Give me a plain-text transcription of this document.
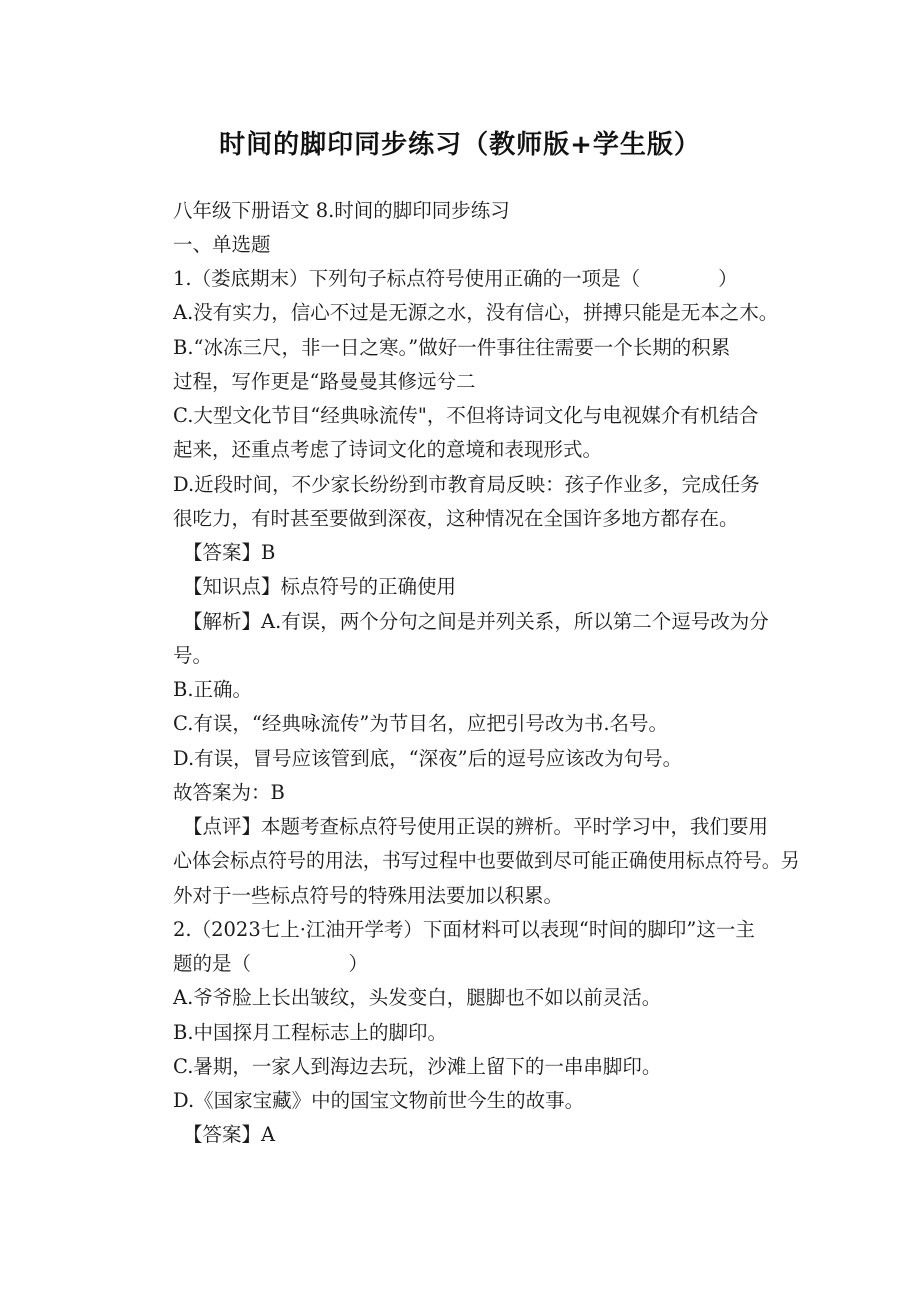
时间的脚印同步练习（教师版+学生版）
八年级下册语文 8.时间的脚印同步练习
一、单选题
1.（娄底期末）下列句子标点符号使用正确的一项是（　　　　）
A.没有实力，信心不过是无源之水，没有信心，拼搏只能是无本之木。
B.“冰冻三尺，非一日之寒。”做好一件事往往需要一个长期的积累
过程，写作更是“路曼曼其修远兮二
C.大型文化节目“经典咏流传"，不但将诗词文化与电视媒介有机结合
起来，还重点考虑了诗词文化的意境和表现形式。
D.近段时间，不少家长纷纷到市教育局反映：孩子作业多，完成任务
很吃力，有时甚至要做到深夜，这种情况在全国许多地方都存在。
【答案】B
【知识点】标点符号的正确使用
【解析】A.有误，两个分句之间是并列关系，所以第二个逗号改为分
号。
B.正确。
C.有误，“经典咏流传”为节目名，应把引号改为书.名号。
D.有误，冒号应该管到底，“深夜”后的逗号应该改为句号。
故答案为：B
【点评】本题考查标点符号使用正误的辨析。平时学习中，我们要用
心体会标点符号的用法，书写过程中也要做到尽可能正确使用标点符号。另
外对于一些标点符号的特殊用法要加以积累。
2.（2023七上·江油开学考）下面材料可以表现“时间的脚印”这一主
题的是（　　　　　）
A.爷爷脸上长出皱纹，头发变白，腿脚也不如以前灵活。
B.中国探月工程标志上的脚印。
C.暑期，一家人到海边去玩，沙滩上留下的一串串脚印。
D.《国家宝藏》中的国宝文物前世今生的故事。
【答案】A
